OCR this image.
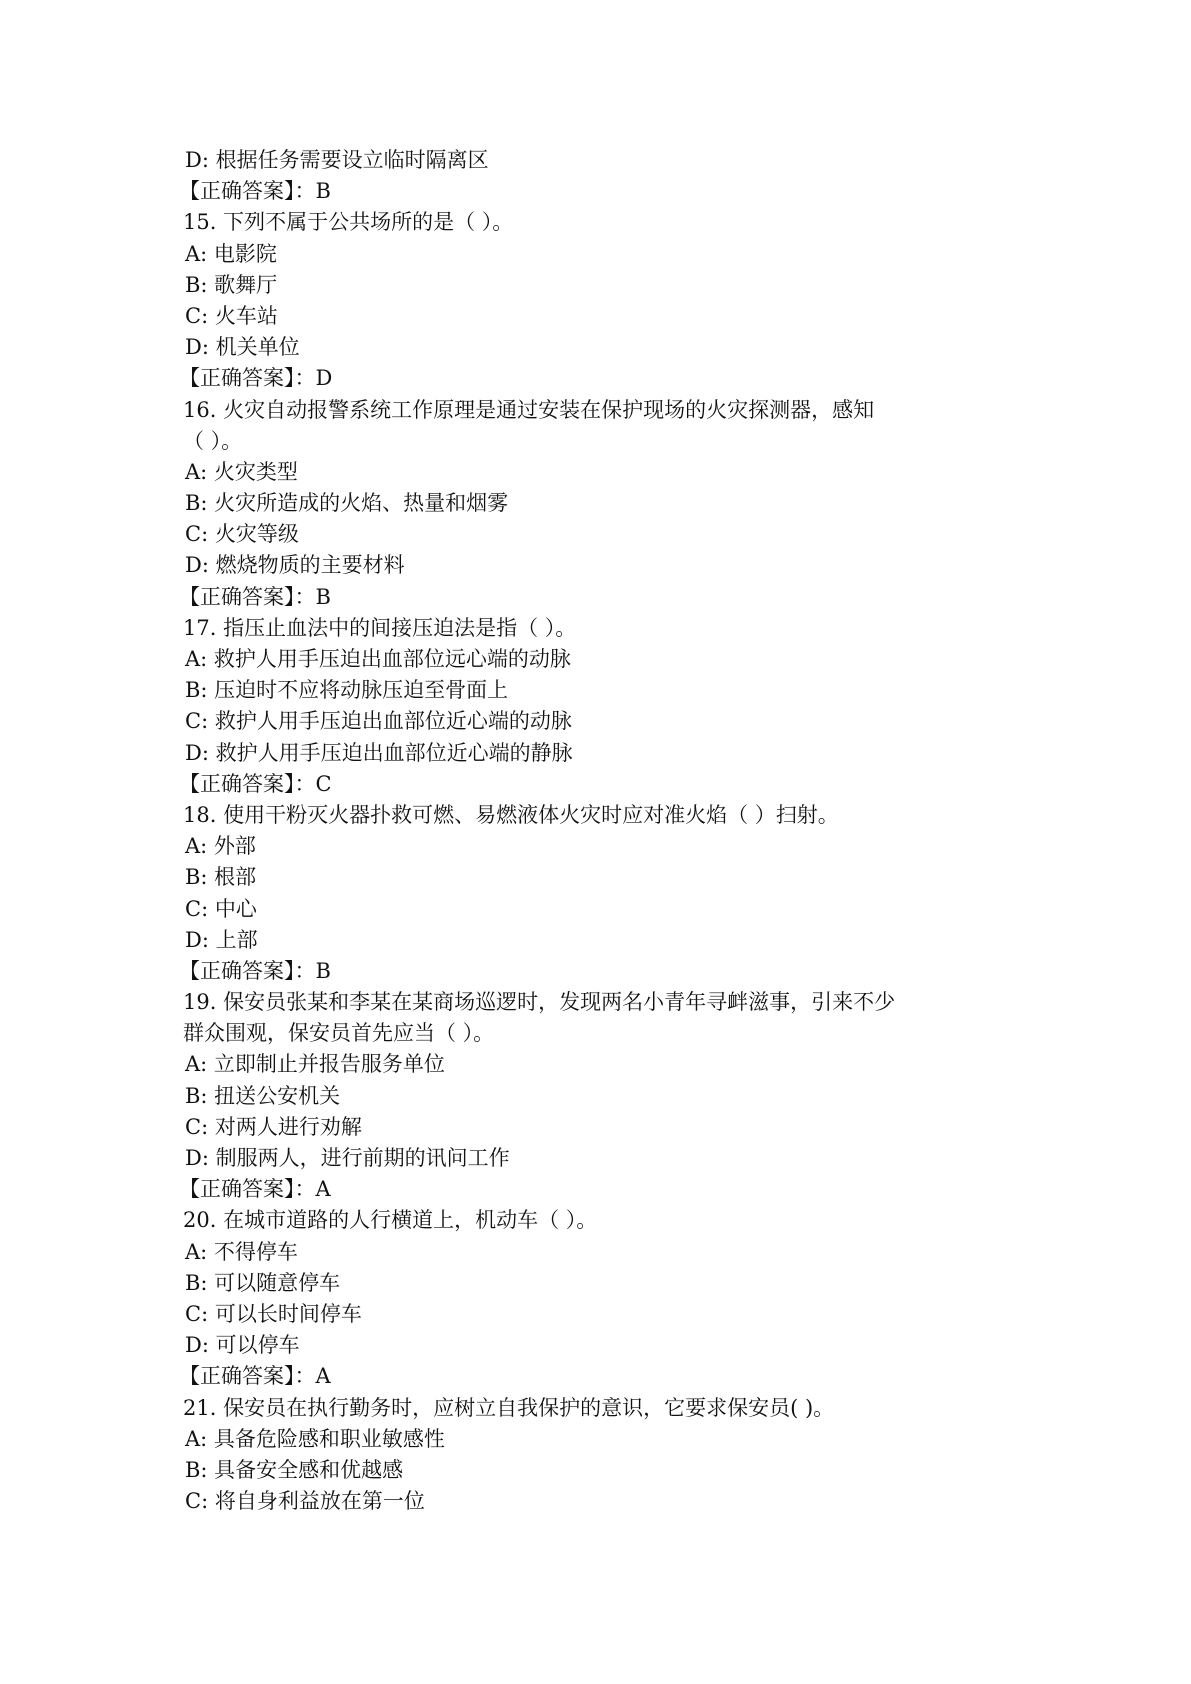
D: 根据任务需要设立临时隔离区
【正确答案】：B
15. 下列不属于公共场所的是（ ）。
A: 电影院
B: 歌舞厅
C: 火车站
D: 机关单位
【正确答案】：D
16. 火灾自动报警系统工作原理是通过安装在保护现场的火灾探测器，感知
（ ）。
A: 火灾类型
B: 火灾所造成的火焰、热量和烟雾
C: 火灾等级
D: 燃烧物质的主要材料
【正确答案】：B
17. 指压止血法中的间接压迫法是指（ ）。
A: 救护人用手压迫出血部位远心端的动脉
B: 压迫时不应将动脉压迫至骨面上
C: 救护人用手压迫出血部位近心端的动脉
D: 救护人用手压迫出血部位近心端的静脉
【正确答案】：C
18. 使用干粉灭火器扑救可燃、易燃液体火灾时应对准火焰（ ）扫射。
A: 外部
B: 根部
C: 中心
D: 上部
【正确答案】：B
19. 保安员张某和李某在某商场巡逻时，发现两名小青年寻衅滋事，引来不少
群众围观，保安员首先应当（ ）。
A: 立即制止并报告服务单位
B: 扭送公安机关
C: 对两人进行劝解
D: 制服两人，进行前期的讯问工作
【正确答案】：A
20. 在城市道路的人行横道上，机动车（ ）。
A: 不得停车
B: 可以随意停车
C: 可以长时间停车
D: 可以停车
【正确答案】：A
21. 保安员在执行勤务时，应树立自我保护的意识，它要求保安员( )。
A: 具备危险感和职业敏感性
B: 具备安全感和优越感
C: 将自身利益放在第一位
